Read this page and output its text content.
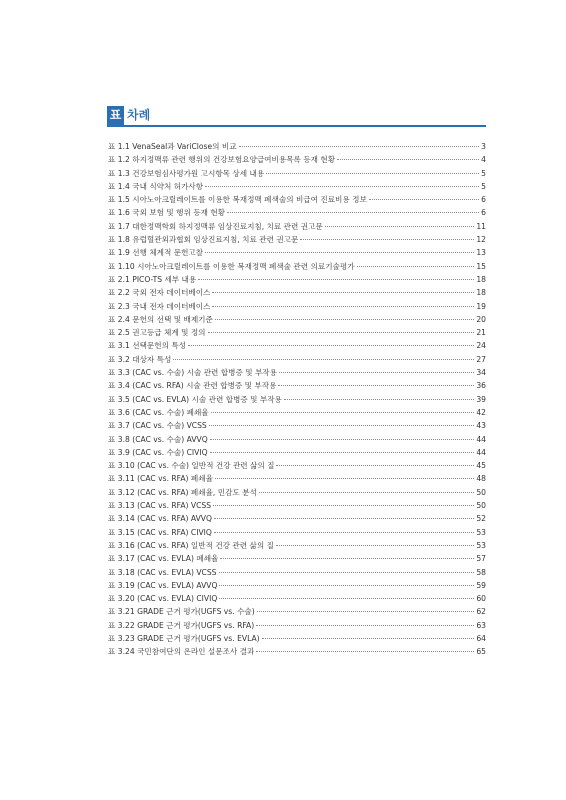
표 차례
표 1.1 VenaSeal과 VariClose의 비교	3
표 1.2 하지정맥류 관련 행위의 건강보험요양급여비용목록 등재 현황	4
표 1.3 건강보험심사평가원 고시항목 상세 내용	5
표 1.4 국내 식약처 허가사항	5
표 1.5 시아노아크릴레이트를 이용한 복재정맥 폐색술의 비급여 진료비용 정보	6
표 1.6 국외 보험 및 행위 등재 현황	6
표 1.7 대한정맥학회 하지정맥류 임상진료지침, 치료 관련 권고문	11
표 1.8 유럽혈관외과협회 임상진료지침, 치료 관련 권고문	12
표 1.9 선행 체계적 문헌고찰	13
표 1.10 시아노아크릴레이트를 이용한 복재정맥 폐색술 관련 의료기술평가	15
표 2.1 PICO-TS 세부 내용	18
표 2.2 국외 전자 데이터베이스	18
표 2.3 국내 전자 데이터베이스	19
표 2.4 문헌의 선택 및 배제기준	20
표 2.5 권고등급 체계 및 정의	21
표 3.1 선택문헌의 특성	24
표 3.2 대상자 특성	27
표 3.3 (CAC vs. 수술) 시술 관련 합병증 및 부작용	34
표 3.4 (CAC vs. RFA) 시술 관련 합병증 및 부작용	36
표 3.5 (CAC vs. EVLA) 시술 관련 합병증 및 부작용	39
표 3.6 (CAC vs. 수술) 폐쇄율	42
표 3.7 (CAC vs. 수술) VCSS	43
표 3.8 (CAC vs. 수술) AVVQ	44
표 3.9 (CAC vs. 수술) CIVIQ	44
표 3.10 (CAC vs. 수술) 일반적 건강 관련 삶의 질	45
표 3.11 (CAC vs. RFA) 폐쇄율	48
표 3.12 (CAC vs. RFA) 폐쇄율, 민감도 분석	50
표 3.13 (CAC vs. RFA) VCSS	50
표 3.14 (CAC vs. RFA) AVVQ	52
표 3.15 (CAC vs. RFA) CIVIQ	53
표 3.16 (CAC vs. RFA) 일반적 건강 관련 삶의 질	53
표 3.17 (CAC vs. EVLA) 폐쇄율	57
표 3.18 (CAC vs. EVLA) VCSS	58
표 3.19 (CAC vs. EVLA) AVVQ	59
표 3.20 (CAC vs. EVLA) CIVIQ	60
표 3.21 GRADE 근거 평가(UGFS vs. 수술)	62
표 3.22 GRADE 근거 평가(UGFS vs. RFA)	63
표 3.23 GRADE 근거 평가(UGFS vs. EVLA)	64
표 3.24 국민참여단의 온라인 설문조사 결과	65
